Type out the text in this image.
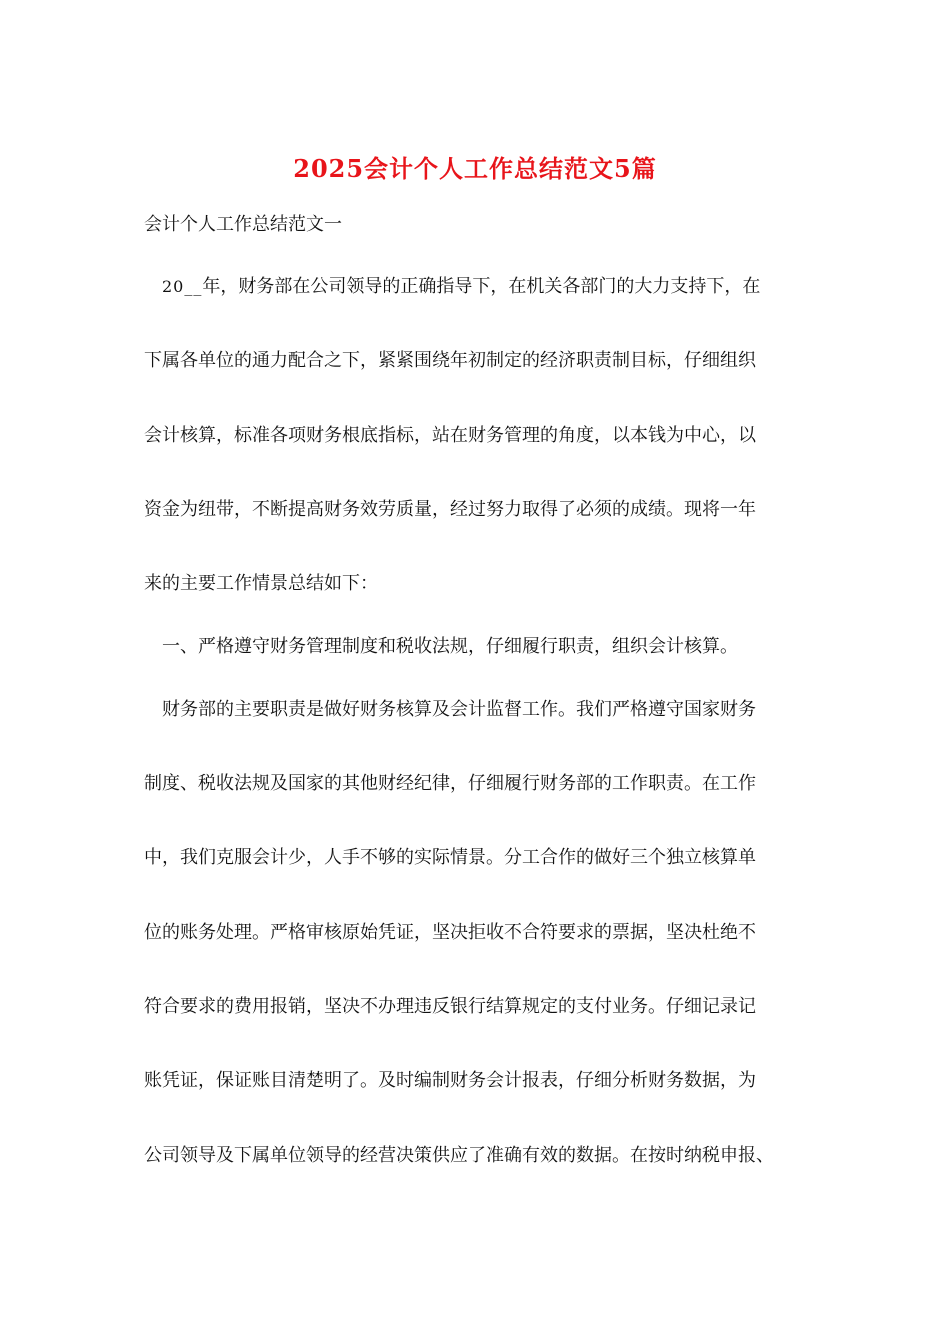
2025会计个人工作总结范文5篇

会计个人工作总结范文一

20__年，财务部在公司领导的正确指导下，在机关各部门的大力支持下，在

下属各单位的通力配合之下，紧紧围绕年初制定的经济职责制目标，仔细组织

会计核算，标准各项财务根底指标，站在财务管理的角度，以本钱为中心，以

资金为纽带，不断提高财务效劳质量，经过努力取得了必须的成绩。现将一年

来的主要工作情景总结如下：

一、严格遵守财务管理制度和税收法规，仔细履行职责，组织会计核算。

财务部的主要职责是做好财务核算及会计监督工作。我们严格遵守国家财务

制度、税收法规及国家的其他财经纪律，仔细履行财务部的工作职责。在工作

中，我们克服会计少，人手不够的实际情景。分工合作的做好三个独立核算单

位的账务处理。严格审核原始凭证，坚决拒收不合符要求的票据，坚决杜绝不

符合要求的费用报销，坚决不办理违反银行结算规定的支付业务。仔细记录记

账凭证，保证账目清楚明了。及时编制财务会计报表，仔细分析财务数据，为

公司领导及下属单位领导的经营决策供应了准确有效的数据。在按时纳税申报、
